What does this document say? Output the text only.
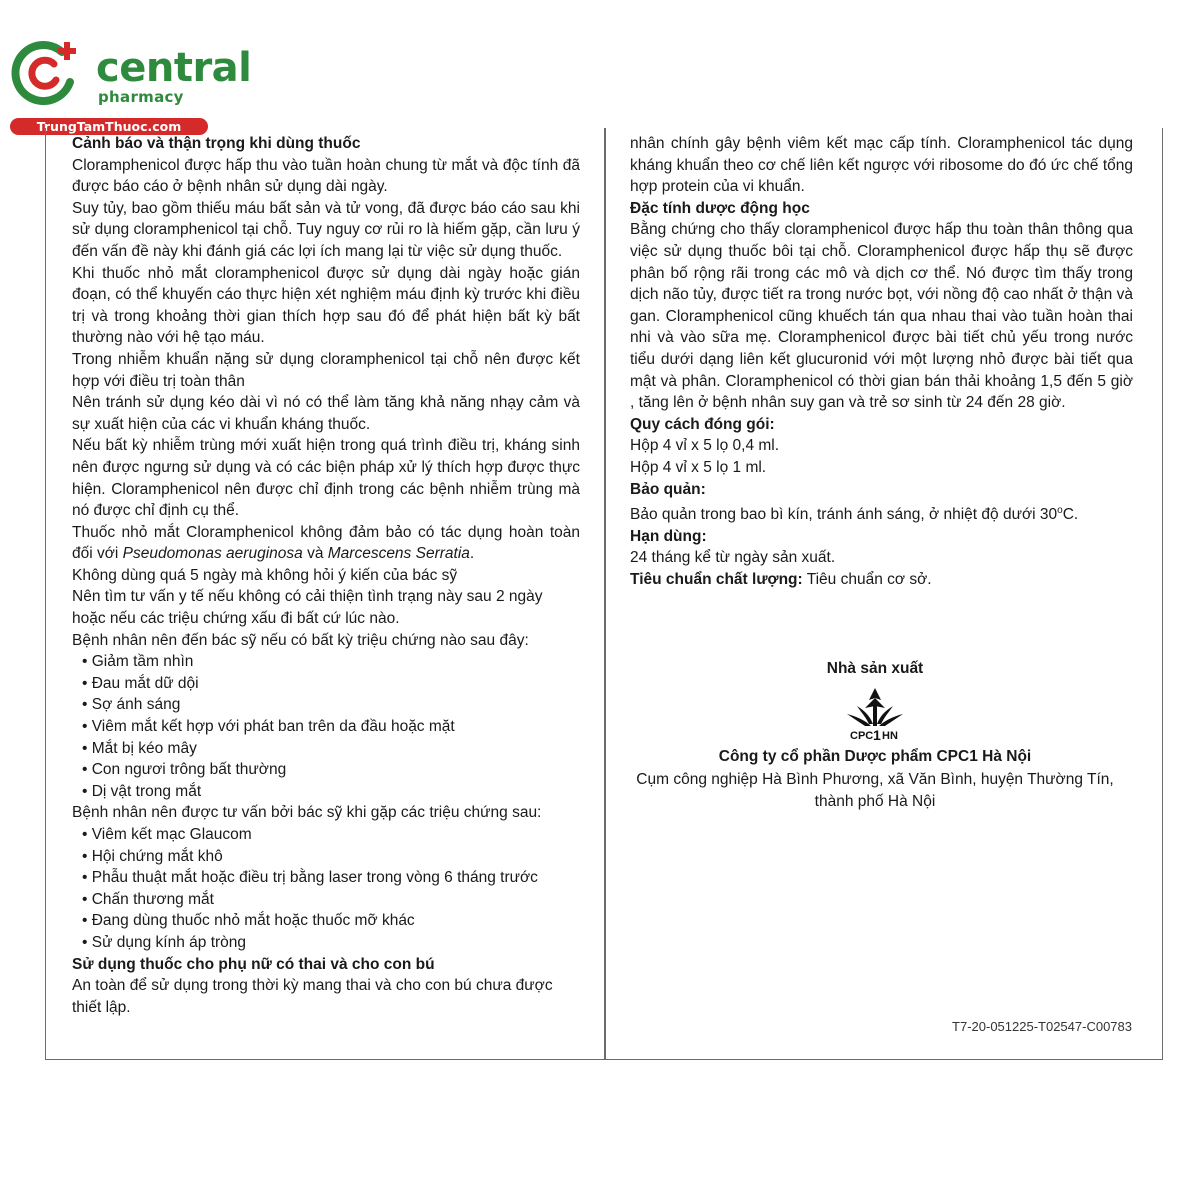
central
pharmacy
TrungTamThuoc.com

Cảnh báo và thận trọng khi dùng thuốc

Cloramphenicol được hấp thu vào tuần hoàn chung từ mắt và độc tính đã được báo cáo ở bệnh nhân sử dụng dài ngày.

Suy tủy, bao gồm thiếu máu bất sản và tử vong, đã được báo cáo sau khi sử dụng cloramphenicol tại chỗ. Tuy nguy cơ rủi ro là hiếm gặp, cần lưu ý đến vấn đề này khi đánh giá các lợi ích mang lại từ việc sử dụng thuốc.

Khi thuốc nhỏ mắt cloramphenicol được sử dụng dài ngày hoặc gián đoạn, có thể khuyến cáo thực hiện xét nghiệm máu định kỳ trước khi điều trị và trong khoảng thời gian thích hợp sau đó để phát hiện bất kỳ bất thường nào với hệ tạo máu.

Trong nhiễm khuẩn nặng sử dụng cloramphenicol tại chỗ nên được kết hợp với điều trị toàn thân

Nên tránh sử dụng kéo dài vì nó có thể làm tăng khả năng nhạy cảm và sự xuất hiện của các vi khuẩn kháng thuốc.

Nếu bất kỳ nhiễm trùng mới xuất hiện trong quá trình điều trị, kháng sinh nên được ngưng sử dụng và có các biện pháp xử lý thích hợp được thực hiện. Cloramphenicol nên được chỉ định trong các bệnh nhiễm trùng mà nó được chỉ định cụ thể.

Thuốc nhỏ mắt Cloramphenicol không đảm bảo có tác dụng hoàn toàn đối với Pseudomonas aeruginosa và Marcescens Serratia.

Không dùng quá 5 ngày mà không hỏi ý kiến của bác sỹ

Nên tìm tư vấn y tế nếu không có cải thiện tình trạng này sau 2 ngày hoặc nếu các triệu chứng xấu đi bất cứ lúc nào.

Bệnh nhân nên đến bác sỹ nếu có bất kỳ triệu chứng nào sau đây:

• Giảm tầm nhìn
• Đau mắt dữ dội
• Sợ ánh sáng
• Viêm mắt kết hợp với phát ban trên da đầu hoặc mặt
• Mắt bị kéo mây
• Con ngươi trông bất thường
• Dị vật trong mắt

Bệnh nhân nên được tư vấn bởi bác sỹ khi gặp các triệu chứng sau:

• Viêm kết mạc Glaucom
• Hội chứng mắt khô
• Phẫu thuật mắt hoặc điều trị bằng laser trong vòng 6 tháng trước
• Chấn thương mắt
• Đang dùng thuốc nhỏ mắt hoặc thuốc mỡ khác
• Sử dụng kính áp tròng

Sử dụng thuốc cho phụ nữ có thai và cho con bú

An toàn để sử dụng trong thời kỳ mang thai và cho con bú chưa được thiết lập.

nhân chính gây bệnh viêm kết mạc cấp tính. Cloramphenicol tác dụng kháng khuẩn theo cơ chế liên kết ngược với ribosome do đó ức chế tổng hợp protein của vi khuẩn.

Đặc tính dược động học

Bằng chứng cho thấy cloramphenicol được hấp thu toàn thân thông qua việc sử dụng thuốc bôi tại chỗ. Cloramphenicol được hấp thụ sẽ được phân bố rộng rãi trong các mô và dịch cơ thể. Nó được tìm thấy trong dịch não tủy, được tiết ra trong nước bọt, với nồng độ cao nhất ở thận và gan. Cloramphenicol cũng khuếch tán qua nhau thai vào tuần hoàn thai nhi và vào sữa mẹ. Cloramphenicol được bài tiết chủ yếu trong nước tiểu dưới dạng liên kết glucuronid với một lượng nhỏ được bài tiết qua mật và phân. Cloramphenicol có thời gian bán thải khoảng 1,5 đến 5 giờ , tăng lên ở bệnh nhân suy gan và trẻ sơ sinh từ 24 đến 28 giờ.

Quy cách đóng gói:

Hộp 4 vỉ x 5 lọ 0,4 ml.

Hộp 4 vỉ x 5 lọ 1 ml.

Bảo quản:

Bảo quản trong bao bì kín, tránh ánh sáng, ở nhiệt độ dưới 30$^o$C.

Hạn dùng:

24 tháng kể từ ngày sản xuất.

Tiêu chuẩn chất lượng: Tiêu chuẩn cơ sở.

Nhà sản xuất
CPC 1 HN
Công ty cổ phần Dược phẩm CPC1 Hà Nội
Cụm công nghiệp Hà Bình Phương, xã Văn Bình, huyện Thường Tín,
thành phố Hà Nội
T7-20-051225-T02547-C00783
